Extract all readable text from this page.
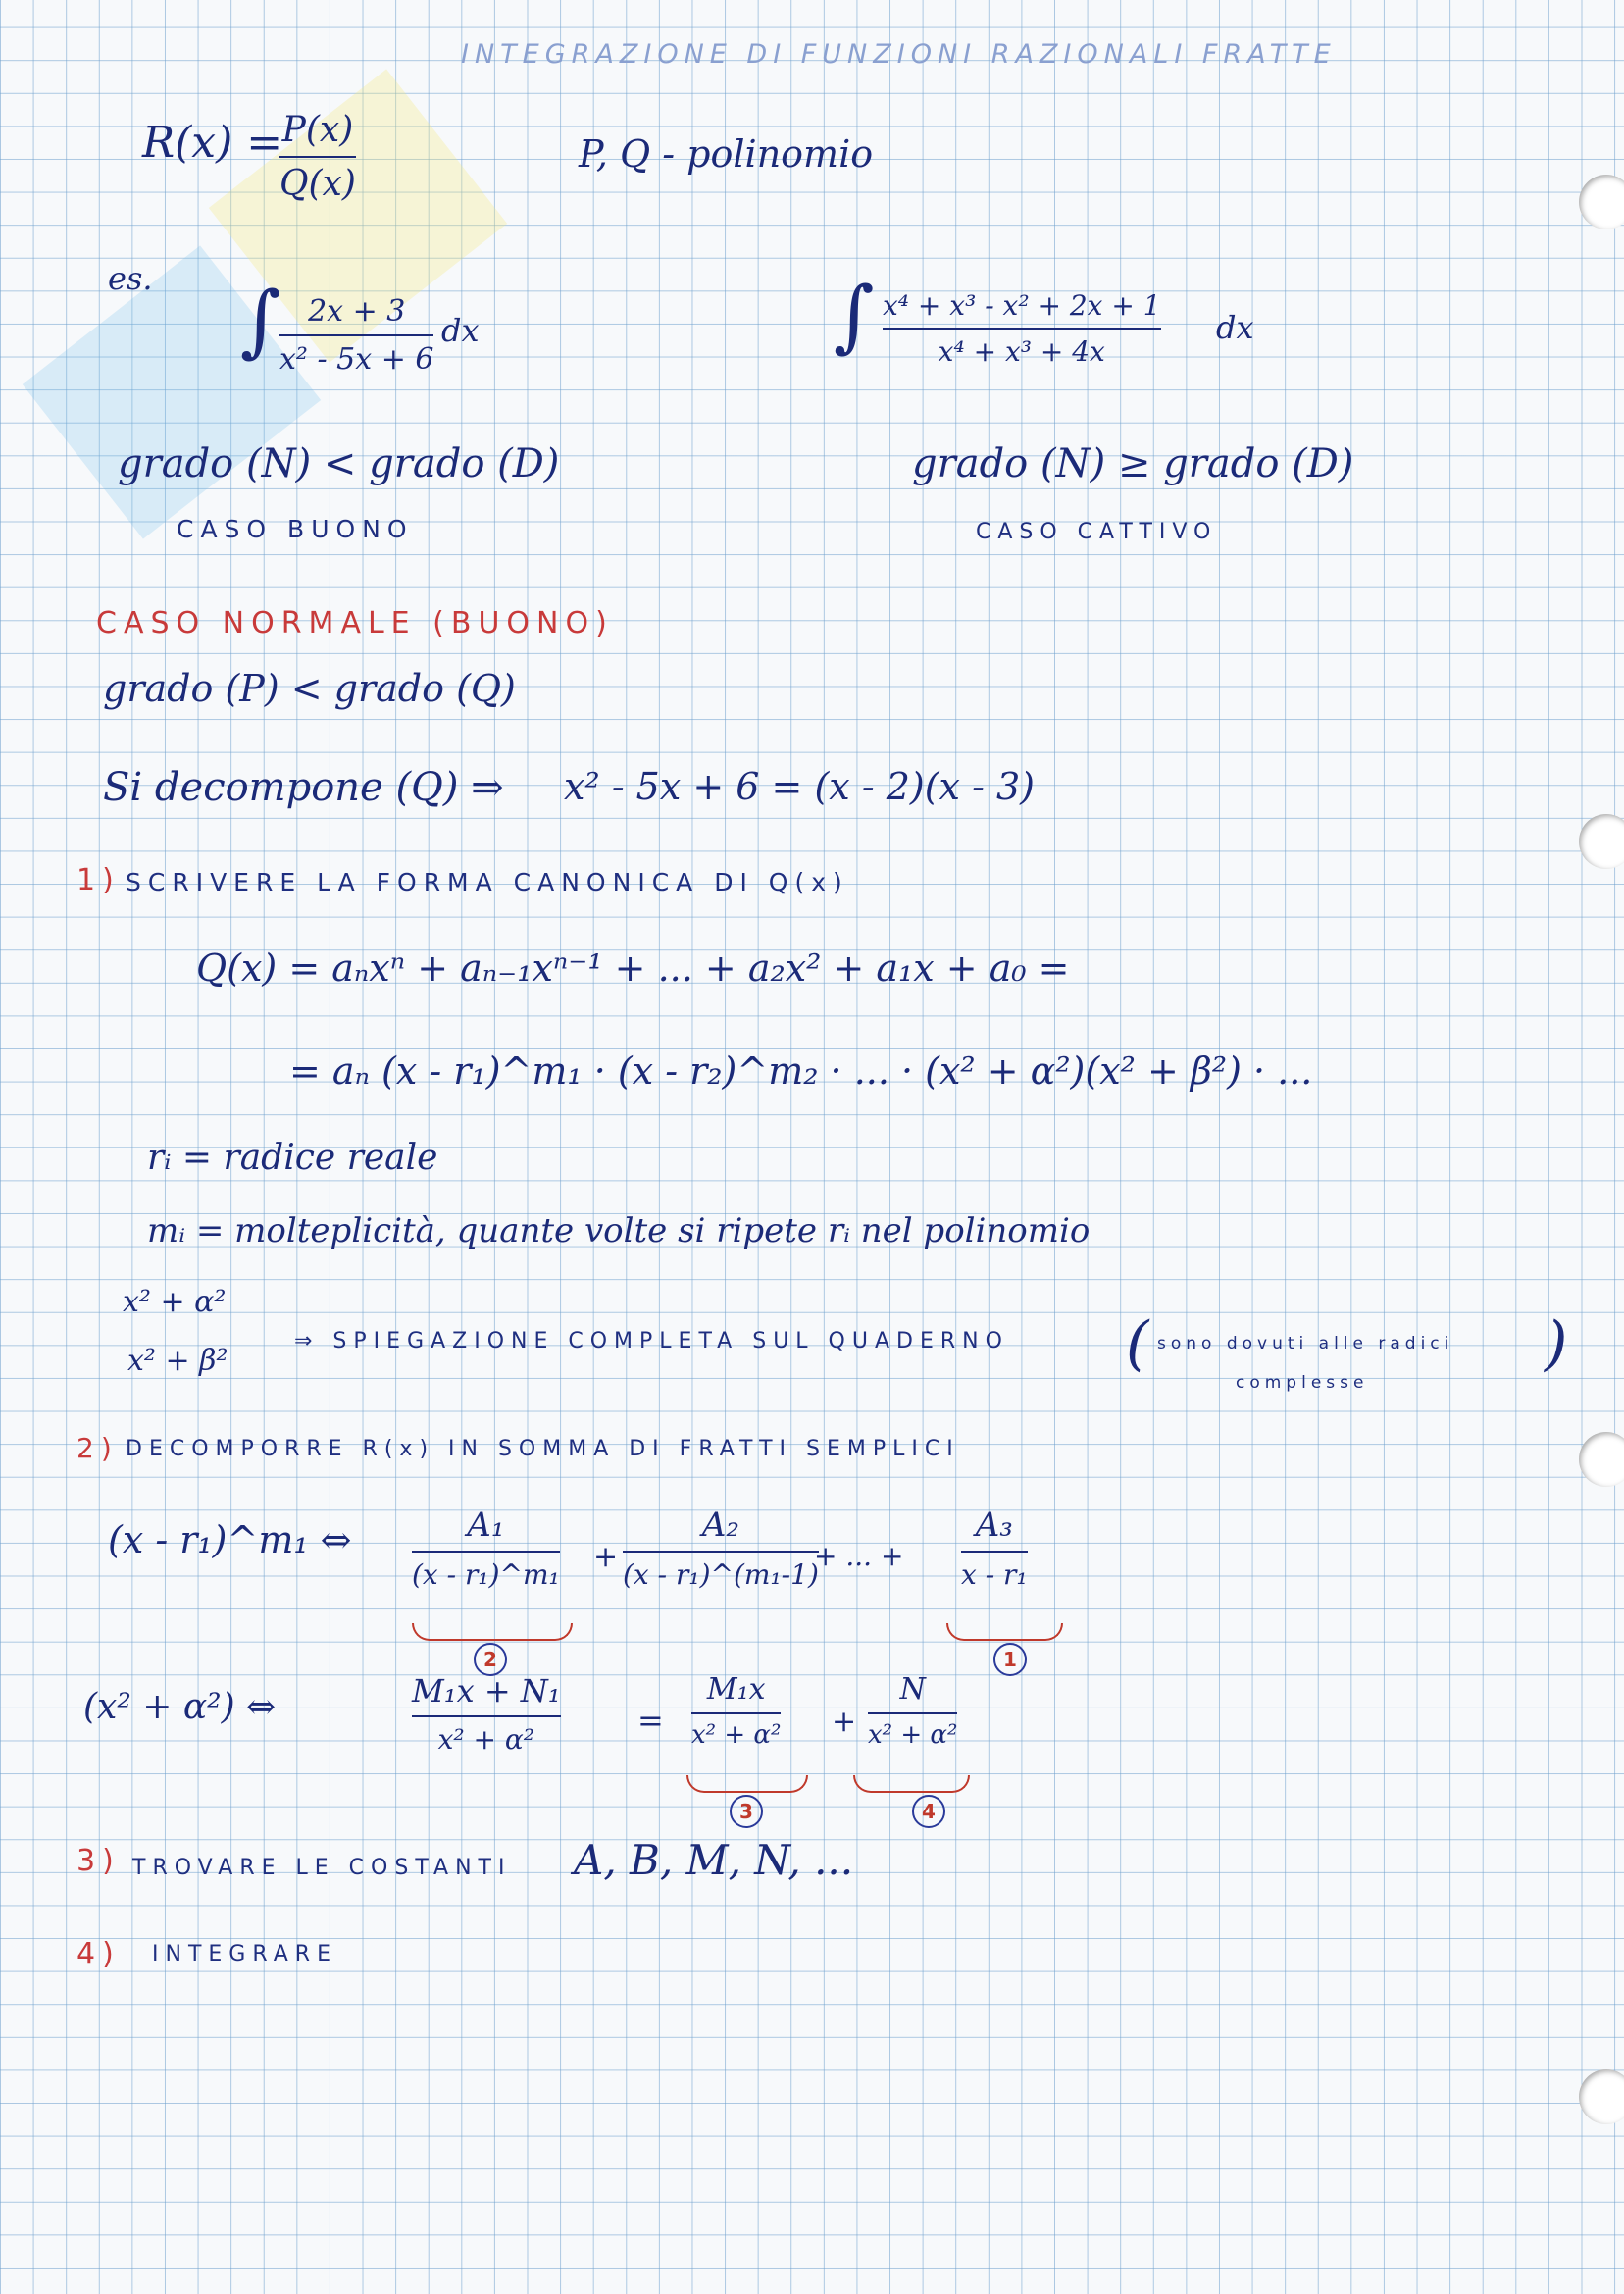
INTEGRAZIONE DI FUNZIONI RAZIONALI FRATTE
R(x) = P(x)
Q(x)
P, Q - polinomio
es. ∫ 2x + 3
x² - 5x + 6
dx	∫ x⁴ + x³ - x² + 2x + 1
x⁴ + x³ + 4x
dx
grado (N) < grado (D)
CASO BUONO
grado (N) ≥ grado (D)
CASO CATTIVO
CASO NORMALE (BUONO)
grado (P) < grado (Q)
Si decompone (Q) ⇒ x² - 5x + 6 = (x - 2)(x - 3)
1) SCRIVERE LA FORMA CANONICA DI Q(x)
Q(x) = aₙxⁿ + aₙ₋₁xⁿ⁻¹ + ... + a₂x² + a₁x + a₀ =
= aₙ (x - r₁)^m₁ · (x - r₂)^m₂ · ... · (x² + α²)(x² + β²) · ...
rᵢ = radice reale
mᵢ = molteplicità, quante volte si ripete rᵢ nel polinomio
x² + α²
x² + β²
⇒ SPIEGAZIONE COMPLETA SUL QUADERNO ( sono dovuti alle radici
complesse
)
2) DECOMPORRE R(x) IN SOMMA DI FRATTI SEMPLICI
(x - r₁)^m₁ ⇔	A₁
(x - r₁)^m₁
2
+
A₂
(x - r₁)^(m₁-1)
+ ... +
A₃
x - r₁
1
(x² + α²) ⇔	M₁x + N₁
x² + α²
=
M₁x
x² + α²
3
+
N
x² + α²
4
3) TROVARE LE COSTANTI A, B, M, N, ...
4) INTEGRARE
